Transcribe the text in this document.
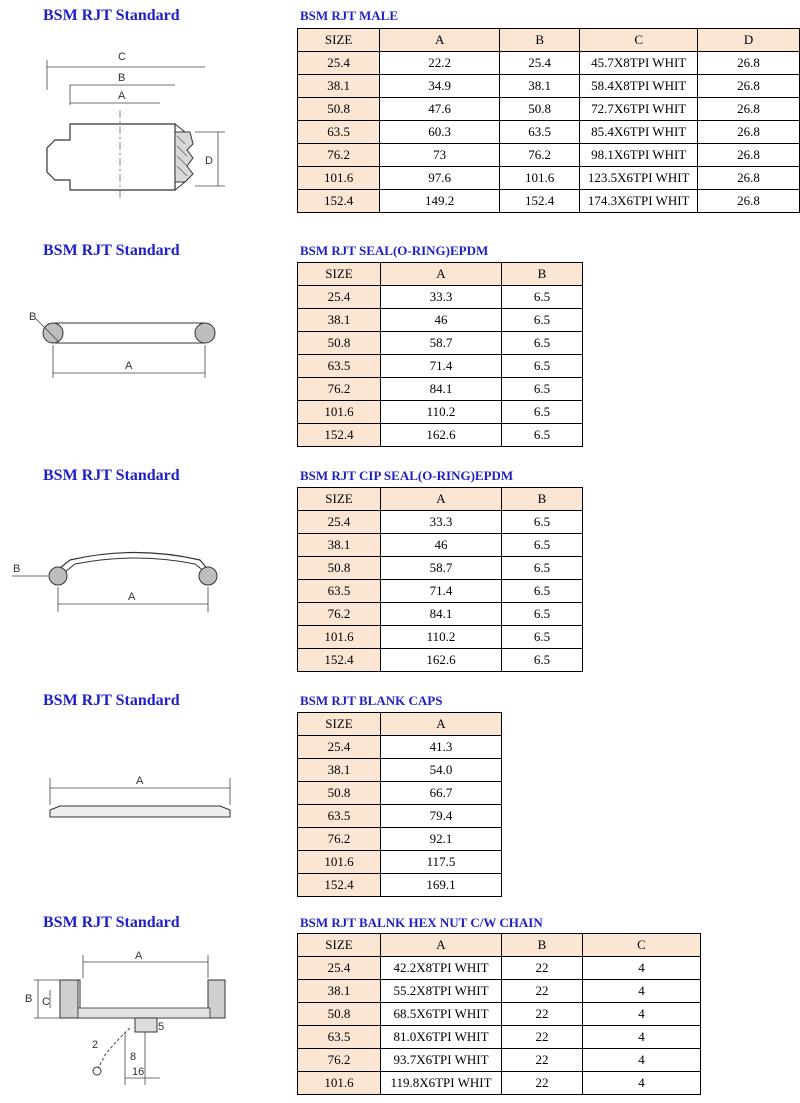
BSM RJT Standard	BSM RJT MALE
SIZE	A	B	C	D
25.4	22.2	25.4	45.7X8TPI WHIT	26.8
38.1	34.9	38.1	58.4X8TPI WHIT	26.8
50.8	47.6	50.8	72.7X6TPI WHIT	26.8
63.5	60.3	63.5	85.4X6TPI WHIT	26.8
76.2	73	76.2	98.1X6TPI WHIT	26.8
101.6	97.6	101.6	123.5X6TPI WHIT	26.8
152.4	149.2	152.4	174.3X6TPI WHIT	26.8
C
B
A
D
BSM RJT Standard	BSM RJT SEAL(O-RING)EPDM
SIZE	A	B
25.4	33.3	6.5
38.1	46	6.5
50.8	58.7	6.5
63.5	71.4	6.5
76.2	84.1	6.5
101.6	110.2	6.5
152.4	162.6	6.5
B
A
BSM RJT Standard	BSM RJT CIP SEAL(O-RING)EPDM
SIZE	A	B
25.4	33.3	6.5
38.1	46	6.5
50.8	58.7	6.5
63.5	71.4	6.5
76.2	84.1	6.5
101.6	110.2	6.5
152.4	162.6	6.5
B
A
BSM RJT Standard	BSM RJT BLANK CAPS
SIZE	A
25.4	41.3
38.1	54.0
50.8	66.7
63.5	79.4
76.2	92.1
101.6	117.5
152.4	169.1
A
BSM RJT Standard	BSM RJT BALNK HEX NUT C/W CHAIN
SIZE	A	B	C
25.4	42.2X8TPI WHIT	22	4
38.1	55.2X8TPI WHIT	22	4
50.8	68.5X6TPI WHIT	22	4
63.5	81.0X6TPI WHIT	22	4
76.2	93.7X6TPI WHIT	22	4
101.6	119.8X6TPI WHIT	22	4
A
B C
5
2
8
16
